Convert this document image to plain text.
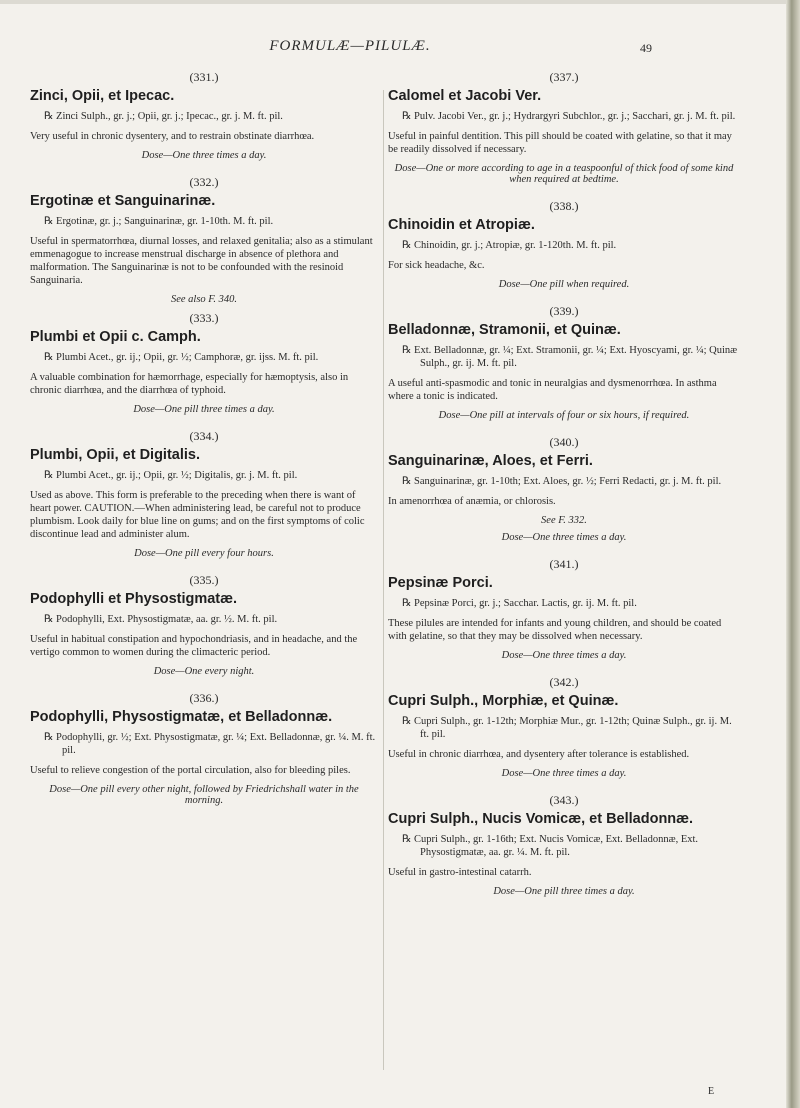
FORMULÆ—PILULÆ.	49
(331.)
Zinci, Opii, et Ipecac.
℞ Zinci Sulph., gr. j.; Opii, gr. j.; Ipecac., gr. j. M. ft. pil.
Very useful in chronic dysentery, and to restrain obstinate diarrhœa.
Dose—One three times a day.
(332.)
Ergotinæ et Sanguinarinæ.
℞ Ergotinæ, gr. j.; Sanguinarinæ, gr. 1-10th. M. ft. pil.
Useful in spermatorrhœa, diurnal losses, and relaxed genitalia; also as a stimulant emmenagogue to increase menstrual discharge in absence of plethora and malformation. The Sanguinarinæ is not to be confounded with the resinoid Sanguinaria.
See also F. 340.
(333.)
Plumbi et Opii c. Camph.
℞ Plumbi Acet., gr. ij.; Opii, gr. ½; Camphoræ, gr. ijss. M. ft. pil.
A valuable combination for hæmorrhage, especially for hæmoptysis, also in chronic diarrhœa, and the diarrhœa of typhoid.
Dose—One pill three times a day.
(334.)
Plumbi, Opii, et Digitalis.
℞ Plumbi Acet., gr. ij.; Opii, gr. ½; Digitalis, gr. j. M. ft. pil.
Used as above. This form is preferable to the preceding when there is want of heart power. CAUTION.—When administering lead, be careful not to produce plumbism. Look daily for blue line on gums; and on the first symptoms of colic discontinue lead and administer alum.
Dose—One pill every four hours.
(335.)
Podophylli et Physostigmatæ.
℞ Podophylli, Ext. Physostigmatæ, aa. gr. ½. M. ft. pil.
Useful in habitual constipation and hypochondriasis, and in headache, and the vertigo common to women during the climacteric period.
Dose—One every night.
(336.)
Podophylli, Physostigmatæ, et Belladonnæ.
℞ Podophylli, gr. ½; Ext. Physostigmatæ, gr. ¼; Ext. Belladonnæ, gr. ¼. M. ft. pil.
Useful to relieve congestion of the portal circulation, also for bleeding piles.
Dose—One pill every other night, followed by Friedrichshall water in the morning.
(337.)
Calomel et Jacobi Ver.
℞ Pulv. Jacobi Ver., gr. j.; Hydrargyri Subchlor., gr. j.; Sacchari, gr. j. M. ft. pil.
Useful in painful dentition. This pill should be coated with gelatine, so that it may be readily dissolved if necessary.
Dose—One or more according to age in a teaspoonful of thick food of some kind when required at bedtime.
(338.)
Chinoidin et Atropiæ.
℞ Chinoidin, gr. j.; Atropiæ, gr. 1-120th. M. ft. pil.
For sick headache, &c.
Dose—One pill when required.
(339.)
Belladonnæ, Stramonii, et Quinæ.
℞ Ext. Belladonnæ, gr. ¼; Ext. Stramonii, gr. ¼; Ext. Hyoscyami, gr. ¼; Quinæ Sulph., gr. ij. M. ft. pil.
A useful anti-spasmodic and tonic in neuralgias and dysmenorrhœa. In asthma where a tonic is indicated.
Dose—One pill at intervals of four or six hours, if required.
(340.)
Sanguinarinæ, Aloes, et Ferri.
℞ Sanguinarinæ, gr. 1-10th; Ext. Aloes, gr. ½; Ferri Redacti, gr. j. M. ft. pil.
In amenorrhœa of anæmia, or chlorosis.
See F. 332.
Dose—One three times a day.
(341.)
Pepsinæ Porci.
℞ Pepsinæ Porci, gr. j.; Sacchar. Lactis, gr. ij. M. ft. pil.
These pilules are intended for infants and young children, and should be coated with gelatine, so that they may be dissolved when necessary.
Dose—One three times a day.
(342.)
Cupri Sulph., Morphiæ, et Quinæ.
℞ Cupri Sulph., gr. 1-12th; Morphiæ Mur., gr. 1-12th; Quinæ Sulph., gr. ij. M. ft. pil.
Useful in chronic diarrhœa, and dysentery after tolerance is established.
Dose—One three times a day.
(343.)
Cupri Sulph., Nucis Vomicæ, et Belladonnæ.
℞ Cupri Sulph., gr. 1-16th; Ext. Nucis Vomicæ, Ext. Belladonnæ, Ext. Physostigmatæ, aa. gr. ¼. M. ft. pil.
Useful in gastro-intestinal catarrh.
Dose—One pill three times a day.
E
